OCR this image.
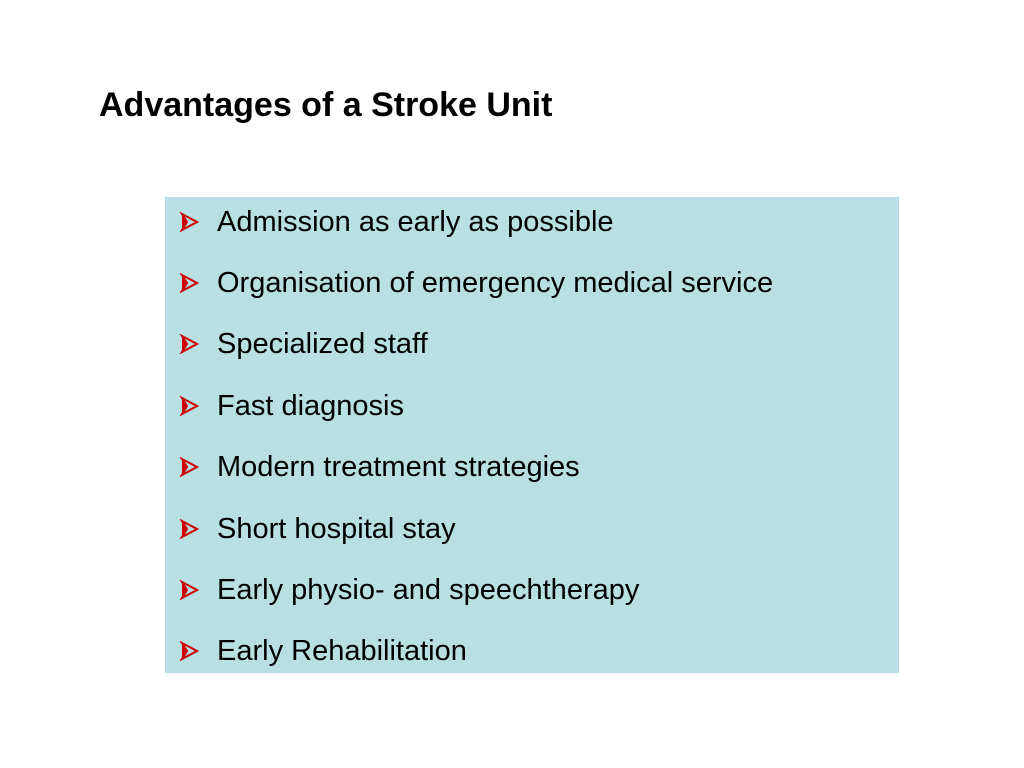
Advantages of a Stroke Unit
Admission as early as possible
Organisation of emergency medical service
Specialized staff
Fast diagnosis
Modern treatment strategies
Short hospital stay
Early physio- and speechtherapy
Early Rehabilitation
